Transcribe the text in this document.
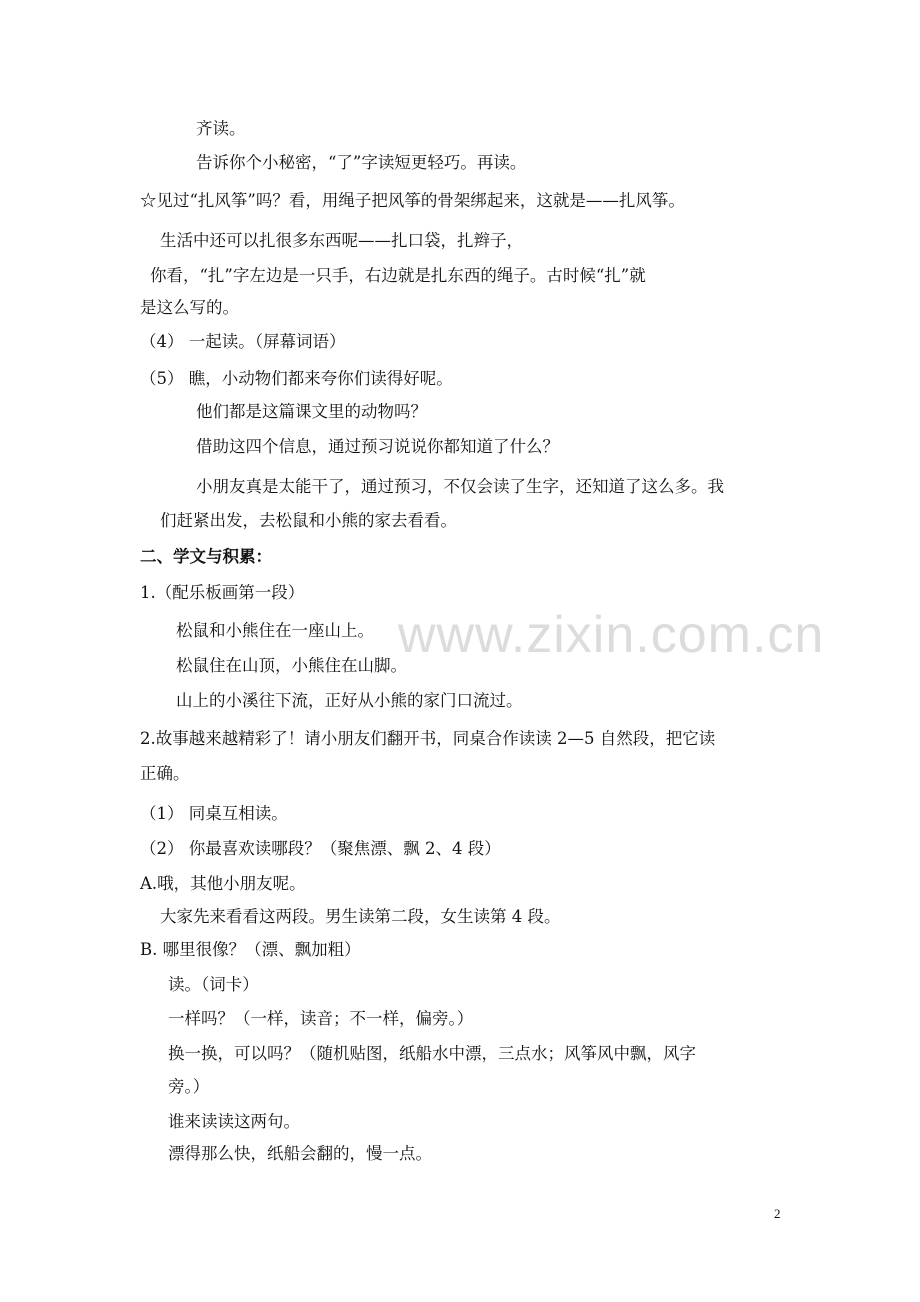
齐读。
告诉你个小秘密，“了”字读短更轻巧。再读。
☆见过“扎风筝”吗？看，用绳子把风筝的骨架绑起来，这就是——扎风筝。
生活中还可以扎很多东西呢——扎口袋，扎辫子，
你看，“扎”字左边是一只手，右边就是扎东西的绳子。古时候“扎”就
是这么写的。
（4） 一起读。（屏幕词语）
（5） 瞧，小动物们都来夸你们读得好呢。
他们都是这篇课文里的动物吗？
借助这四个信息，通过预习说说你都知道了什么？
小朋友真是太能干了，通过预习，不仅会读了生字，还知道了这么多。我
们赶紧出发，去松鼠和小熊的家去看看。
二、学文与积累：
1.（配乐板画第一段）
松鼠和小熊住在一座山上。
松鼠住在山顶，小熊住在山脚。
山上的小溪往下流，正好从小熊的家门口流过。
2.故事越来越精彩了！请小朋友们翻开书，同桌合作读读 2—5 自然段，把它读
正确。
（1） 同桌互相读。
（2） 你最喜欢读哪段？（聚焦漂、飘 2、4 段）
A.哦，其他小朋友呢。
大家先来看看这两段。男生读第二段，女生读第 4 段。
B. 哪里很像？（漂、飘加粗）
读。（词卡）
一样吗？（一样，读音；不一样，偏旁。）
换一换，可以吗？（随机贴图，纸船水中漂，三点水；风筝风中飘，风字
旁。）
谁来读读这两句。
漂得那么快，纸船会翻的，慢一点。
www.zixin.com.cn
2
